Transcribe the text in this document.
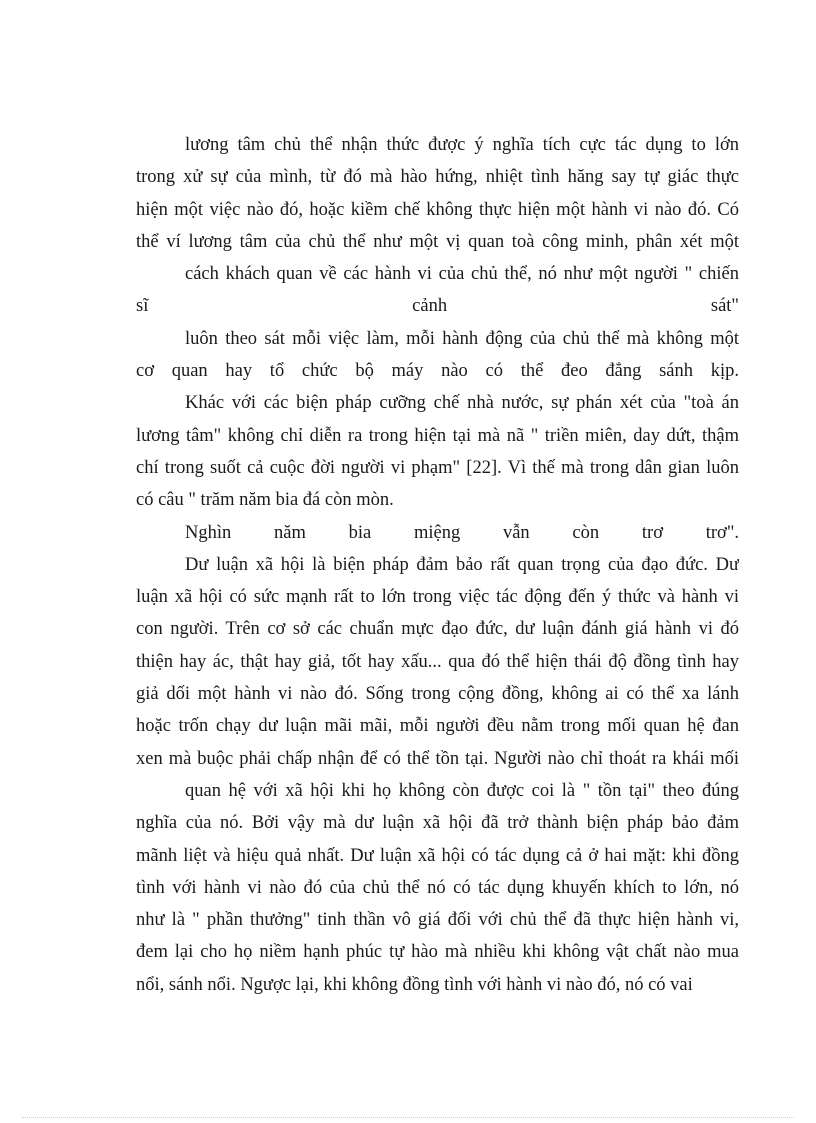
lương tâm chủ thể nhận thức được ý nghĩa tích cực tác dụng to lớn
trong xử sự của mình, từ đó mà hào hứng, nhiệt tình hăng say tự giác thực
hiện một việc nào đó, hoặc kiềm chế không thực hiện một hành vi nào đó. Có
thể ví lương tâm của chủ thể như một vị quan toà công minh, phân xét một
cách khách quan về các hành vi của chủ thể, nó như một người " chiến
sĩ cảnh sát"
luôn theo sát mỗi việc làm, mỗi hành động của chủ thể mà không một
cơ quan hay tổ chức bộ máy nào có thể đeo đẳng sánh kịp.
Khác với các biện pháp cưỡng chế nhà nước, sự phán xét của "toà án
lương tâm" không chỉ diễn ra trong hiện tại mà nã " triền miên, day dứt, thậm
chí trong suốt cả cuộc đời người vi phạm" [22]. Vì thế mà trong dân gian luôn
có câu " trăm năm bia đá còn mòn.
Nghìn năm bia miệng vẫn còn trơ trơ".
Dư luận xã hội là biện pháp đảm bảo rất quan trọng của đạo đức. Dư
luận xã hội có sức mạnh rất to lớn trong việc tác động đến ý thức và hành vi
con người. Trên cơ sở các chuẩn mực đạo đức, dư luận đánh giá hành vi đó
thiện hay ác, thật hay giả, tốt hay xấu... qua đó thể hiện thái độ đồng tình hay
giả dối một hành vi nào đó. Sống trong cộng đồng, không ai có thể xa lánh
hoặc trốn chạy dư luận mãi mãi, mỗi người đều nằm trong mối quan hệ đan
xen mà buộc phải chấp nhận để có thể tồn tại. Người nào chỉ thoát ra khái mối
quan hệ với xã hội khi họ không còn được coi là " tồn tại" theo đúng
nghĩa của nó. Bởi vậy mà dư luận xã hội đã trở thành biện pháp bảo đảm
mãnh liệt và hiệu quả nhất. Dư luận xã hội có tác dụng cả ở hai mặt: khi đồng
tình với hành vi nào đó của chủ thể nó có tác dụng khuyến khích to lớn, nó
như là " phần thưởng" tinh thần vô giá đối với chủ thể đã thực hiện hành vi,
đem lại cho họ niềm hạnh phúc tự hào mà nhiều khi không vật chất nào mua
nổi, sánh nổi. Ngược lại, khi không đồng tình với hành vi nào đó, nó có vai
